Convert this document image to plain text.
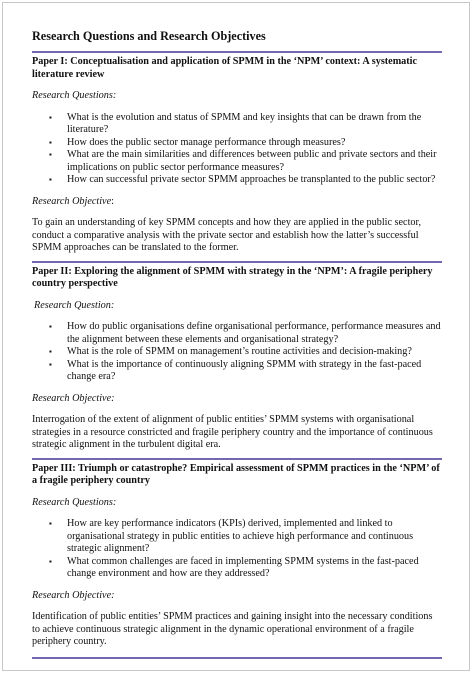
Research Questions and Research Objectives

Paper I: Conceptualisation and application of SPMM in the ‘NPM’ context: A systematic literature review

Research Questions:

▪ What is the evolution and status of SPMM and key insights that can be drawn from the literature?
▪ How does the public sector manage performance through measures?
▪ What are the main similarities and differences between public and private sectors and their implications on public sector performance measures?
▪ How can successful private sector SPMM approaches be transplanted to the public sector?

Research Objective:

To gain an understanding of key SPMM concepts and how they are applied in the public sector, conduct a comparative analysis with the private sector and establish how the latter’s successful SPMM approaches can be translated to the former.

Paper II: Exploring the alignment of SPMM with strategy in the ‘NPM’: A fragile periphery country perspective

Research Question:

▪ How do public organisations define organisational performance, performance measures and the alignment between these elements and organisational strategy?
▪ What is the role of SPMM on management’s routine activities and decision-making?
▪ What is the importance of continuously aligning SPMM with strategy in the fast-paced change era?

Research Objective:

Interrogation of the extent of alignment of public entities’ SPMM systems with organisational strategies in a resource constricted and fragile periphery country and the importance of continuous strategic alignment in the turbulent digital era.

Paper III: Triumph or catastrophe? Empirical assessment of SPMM practices in the ‘NPM’ of a fragile periphery country

Research Questions:

▪ How are key performance indicators (KPIs) derived, implemented and linked to organisational strategy in public entities to achieve high performance and continuous strategic alignment?
▪ What common challenges are faced in implementing SPMM systems in the fast-paced change environment and how are they addressed?

Research Objective:

Identification of public entities’ SPMM practices and gaining insight into the necessary conditions to achieve continuous strategic alignment in the dynamic operational environment of a fragile periphery country.
